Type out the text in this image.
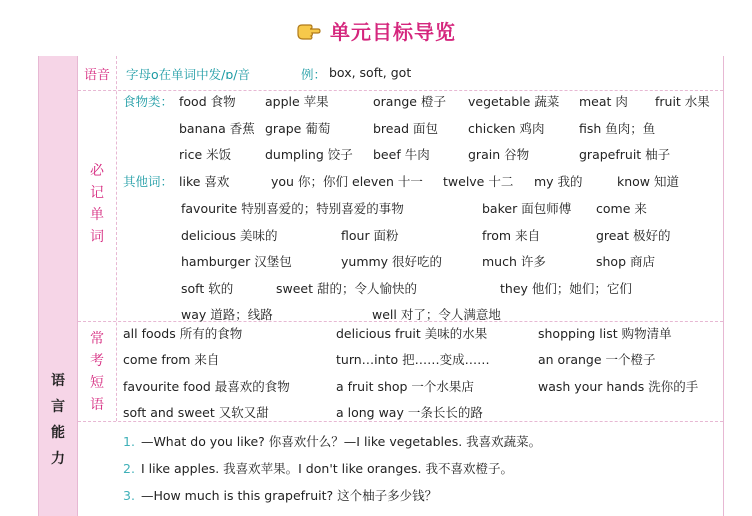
单元目标导览
语
言
能
力
语音	字母o在单词中发/ɒ/音	例： box, soft, got
必
记
单
词
食物类： food 食物 apple 苹果	orange 橙子 vegetable 蔬菜 meat 肉 fruit 水果
banana 香蕉 grape 葡萄	bread 面包 chicken 鸡肉	fish 鱼肉；鱼
rice 米饭	dumpling 饺子 beef 牛肉	grain 谷物	grapefruit 柚子
其他词： like 喜欢	you 你；你们 eleven 十一 twelve 十二 my 我的	know 知道
favourite 特别喜爱的；特别喜爱的事物	baker 面包师傅 come 来
delicious 美味的	flour 面粉	from 来自	great 极好的
hamburger 汉堡包	yummy 很好吃的	much 许多	shop 商店
soft 软的	sweet 甜的；令人愉快的	they 他们；她们；它们
way 道路；线路	well 对了；令人满意地
常
考
短
语
all foods 所有的食物	delicious fruit 美味的水果	shopping list 购物清单
come from 来自	turn…into 把……变成……	an orange 一个橙子
favourite food 最喜欢的食物	a fruit shop 一个水果店	wash your hands 洗你的手
soft and sweet 又软又甜	a long way 一条长长的路
1. —What do you like? 你喜欢什么？—I like vegetables. 我喜欢蔬菜。
2. I like apples. 我喜欢苹果。I don't like oranges. 我不喜欢橙子。
3. —How much is this grapefruit? 这个柚子多少钱？
